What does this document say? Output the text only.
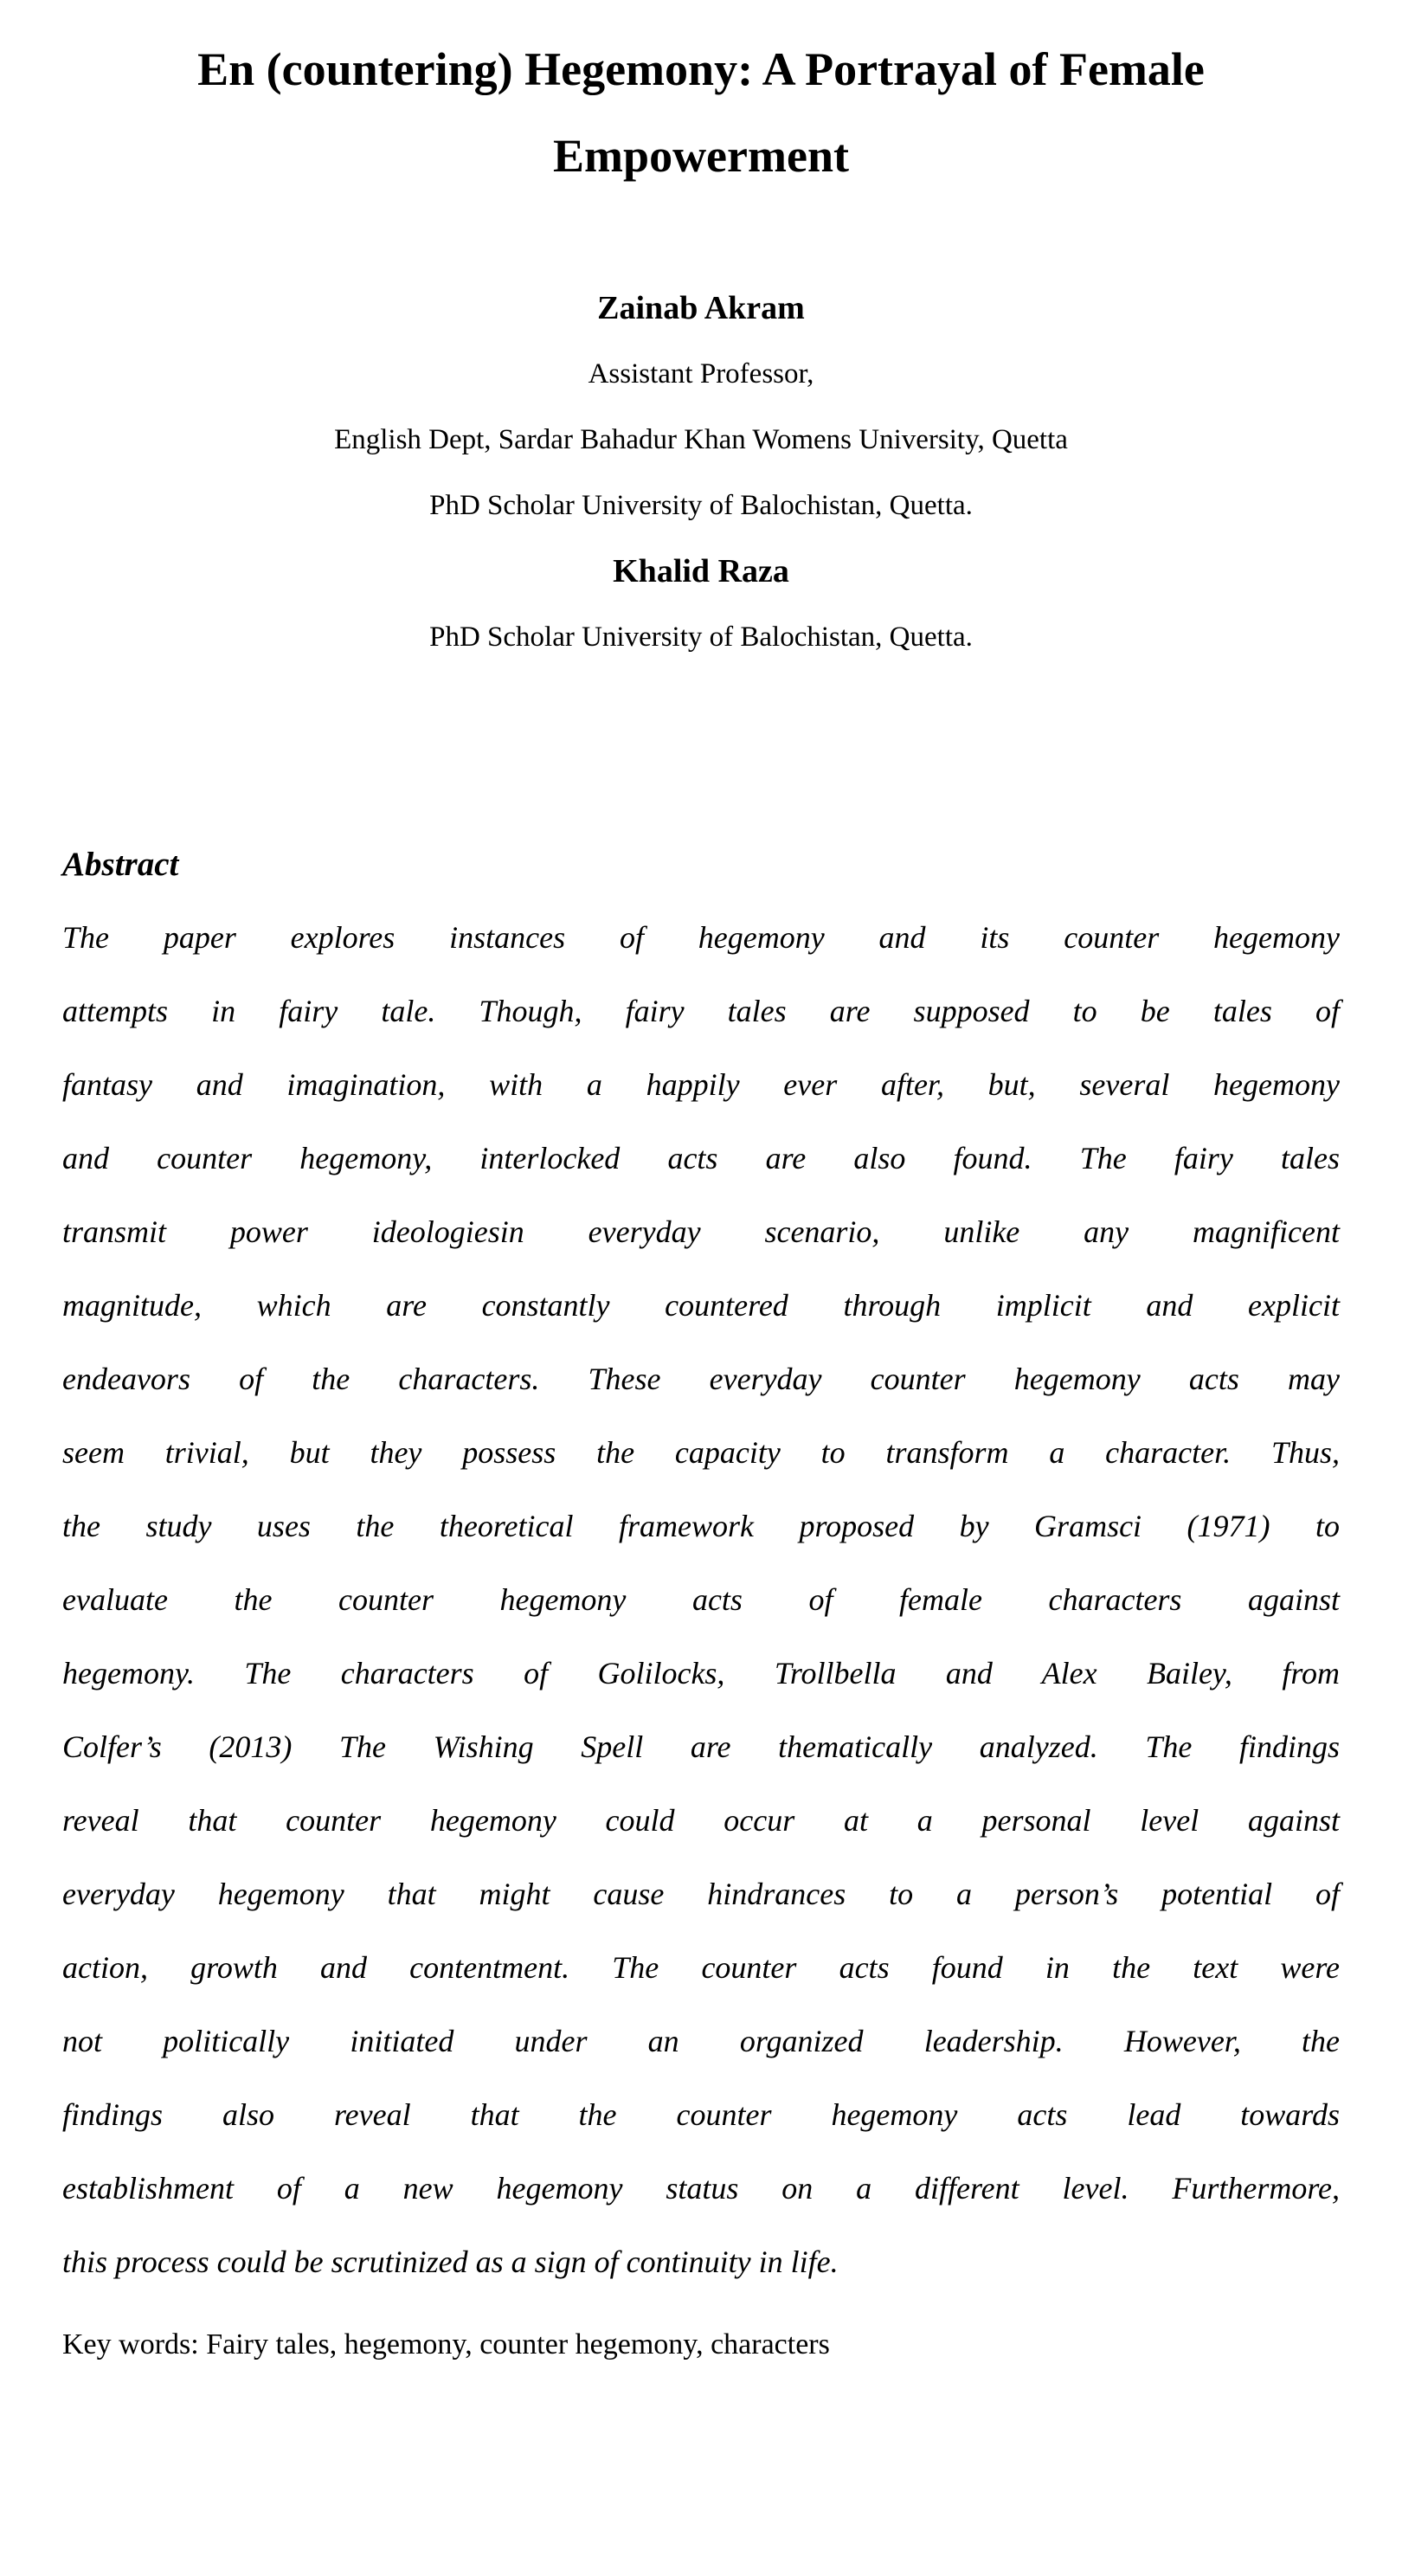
En (countering) Hegemony: A Portrayal of Female
Empowerment
Zainab Akram
Assistant Professor,
English Dept, Sardar Bahadur Khan Womens University, Quetta
PhD Scholar University of Balochistan, Quetta.
Khalid Raza
PhD Scholar University of Balochistan, Quetta.
Abstract
The paper explores instances of hegemony and its counter hegemony
attempts in fairy tale. Though, fairy tales are supposed to be tales of
fantasy and imagination, with a happily ever after, but, several hegemony
and counter hegemony, interlocked acts are also found. The fairy tales
transmit power ideologiesin everyday scenario, unlike any magnificent
magnitude, which are constantly countered through implicit and explicit
endeavors of the characters. These everyday counter hegemony acts may
seem trivial, but they possess the capacity to transform a character. Thus,
the study uses the theoretical framework proposed by Gramsci (1971) to
evaluate the counter hegemony acts of female characters against
hegemony. The characters of Golilocks, Trollbella and Alex Bailey, from
Colfer’s (2013) The Wishing Spell are thematically analyzed. The findings
reveal that counter hegemony could occur at a personal level against
everyday hegemony that might cause hindrances to a person’s potential of
action, growth and contentment. The counter acts found in the text were
not politically initiated under an organized leadership. However, the
findings also reveal that the counter hegemony acts lead towards
establishment of a new hegemony status on a different level. Furthermore,
this process could be scrutinized as a sign of continuity in life.
Key words: Fairy tales, hegemony, counter hegemony, characters
